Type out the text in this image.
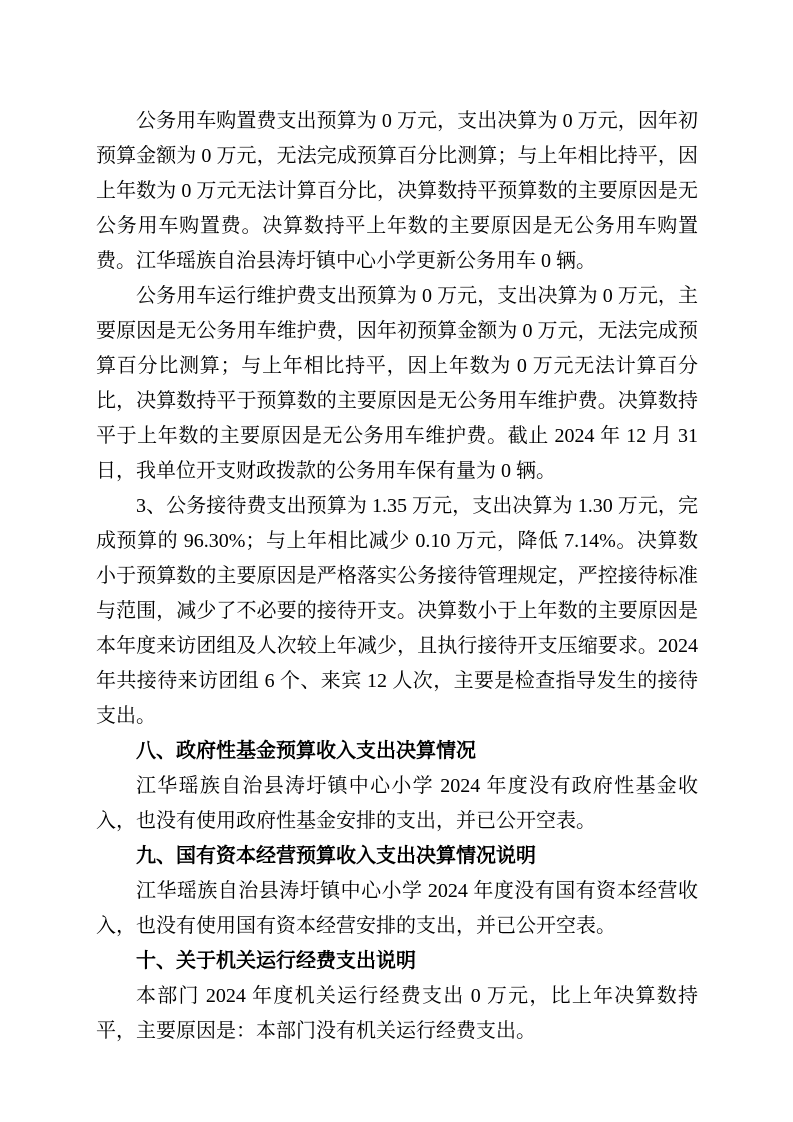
公务用车购置费支出预算为 0 万元，支出决算为 0 万元，因年初预算金额为 0 万元，无法完成预算百分比测算；与上年相比持平，因上年数为 0 万元无法计算百分比，决算数持平预算数的主要原因是无公务用车购置费。决算数持平上年数的主要原因是无公务用车购置费。江华瑶族自治县涛圩镇中心小学更新公务用车 0 辆。

公务用车运行维护费支出预算为 0 万元，支出决算为 0 万元，主要原因是无公务用车维护费，因年初预算金额为 0 万元，无法完成预算百分比测算；与上年相比持平，因上年数为 0 万元无法计算百分比，决算数持平于预算数的主要原因是无公务用车维护费。决算数持平于上年数的主要原因是无公务用车维护费。截止 2024 年 12 月 31 日，我单位开支财政拨款的公务用车保有量为 0 辆。

3、公务接待费支出预算为 1.35 万元，支出决算为 1.30 万元，完成预算的 96.30%；与上年相比减少 0.10 万元，降低 7.14%。决算数小于预算数的主要原因是严格落实公务接待管理规定，严控接待标准与范围，减少了不必要的接待开支。决算数小于上年数的主要原因是本年度来访团组及人次较上年减少，且执行接待开支压缩要求。2024 年共接待来访团组 6 个、来宾 12 人次，主要是检查指导发生的接待支出。

八、政府性基金预算收入支出决算情况

江华瑶族自治县涛圩镇中心小学 2024 年度没有政府性基金收入，也没有使用政府性基金安排的支出，并已公开空表。

九、国有资本经营预算收入支出决算情况说明

江华瑶族自治县涛圩镇中心小学 2024 年度没有国有资本经营收入，也没有使用国有资本经营安排的支出，并已公开空表。

十、关于机关运行经费支出说明

本部门 2024 年度机关运行经费支出 0 万元，比上年决算数持平，主要原因是：本部门没有机关运行经费支出。
